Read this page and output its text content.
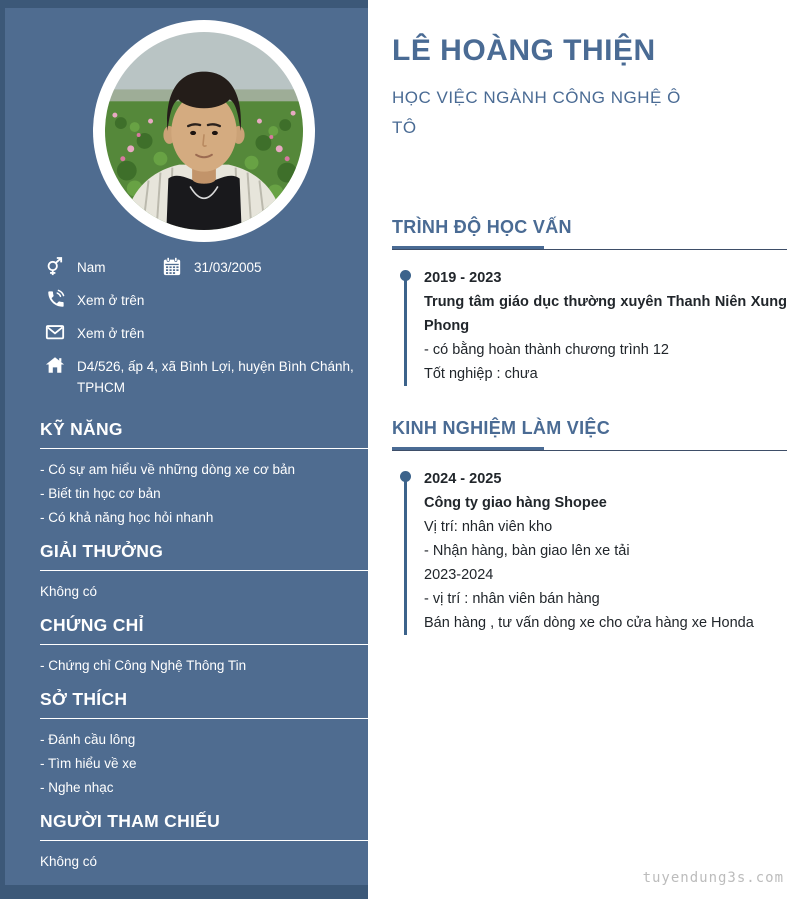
Nam	31/03/2005
Xem ở trên
Xem ở trên
D4/526, ấp 4, xã Bình Lợi, huyện Bình Chánh, TPHCM
KỸ NĂNG
- Có sự am hiểu về những dòng xe cơ bản
- Biết tin học cơ bản
- Có khả năng học hỏi nhanh
GIẢI THƯỞNG
Không có
CHỨNG CHỈ
- Chứng chỉ Công Nghệ Thông Tin
SỞ THÍCH
- Đánh cầu lông
- Tìm hiểu về xe
- Nghe nhạc
NGƯỜI THAM CHIẾU
Không có
LÊ HOÀNG THIỆN
HỌC VIỆC NGÀNH CÔNG NGHỆ Ô TÔ
TRÌNH ĐỘ HỌC VẤN
2019 - 2023
Trung tâm giáo dục thường xuyên Thanh Niên Xung Phong
- có bằng hoàn thành chương trình 12
Tốt nghiệp : chưa
KINH NGHIỆM LÀM VIỆC
2024 - 2025
Công ty giao hàng Shopee
Vị trí: nhân viên kho
- Nhận hàng, bàn giao lên xe tải
2023-2024
- vị trí : nhân viên bán hàng
Bán hàng , tư vấn dòng xe cho cửa hàng xe Honda
tuyendung3s.com
